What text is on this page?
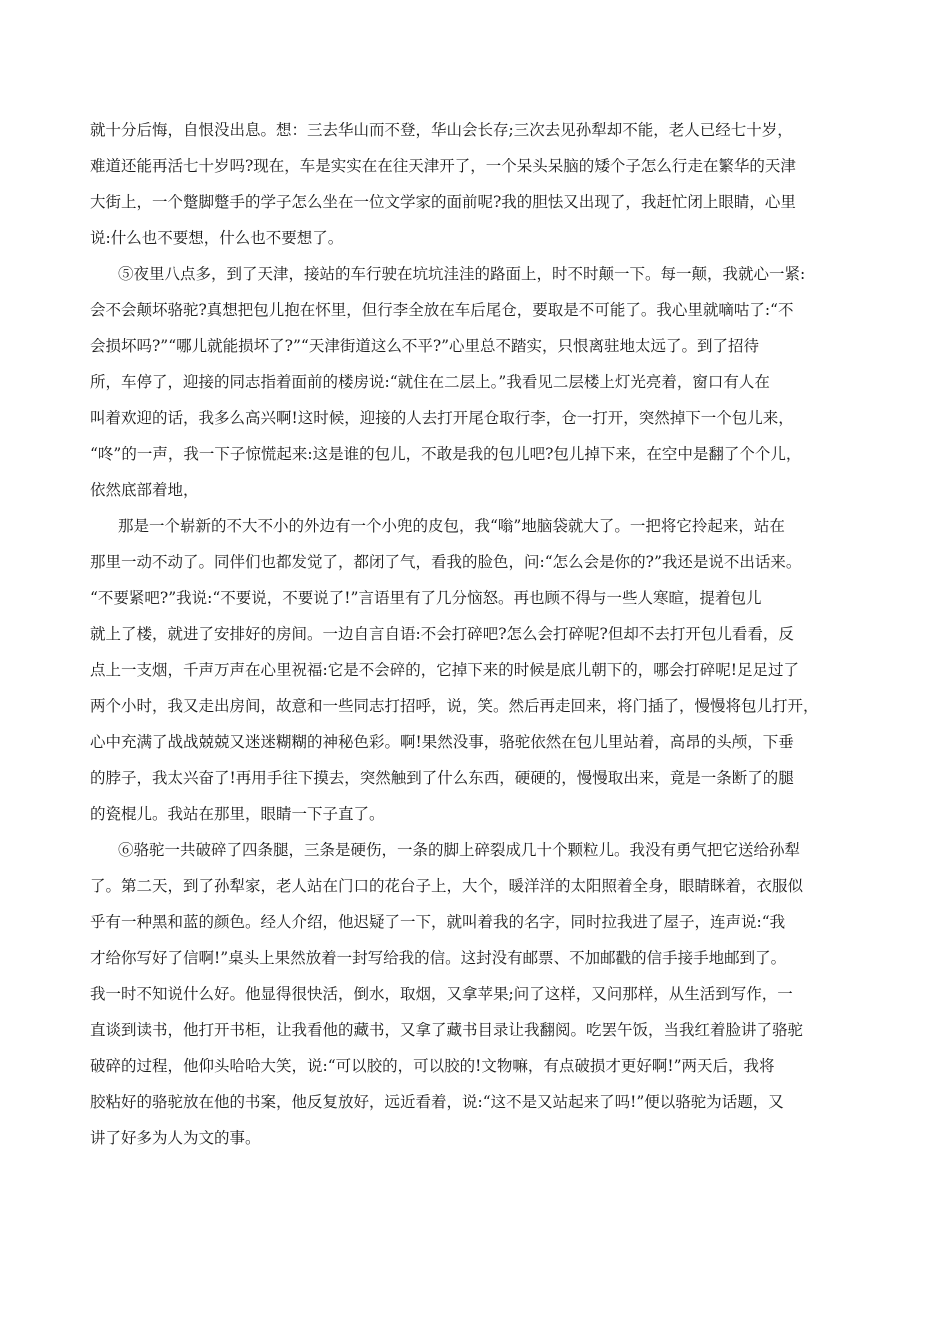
就十分后悔，自恨没出息。想：三去华山而不登，华山会长存;三次去见孙犁却不能，老人已经七十岁，
难道还能再活七十岁吗?现在，车是实实在在往天津开了，一个呆头呆脑的矮个子怎么行走在繁华的天津
大街上，一个蹩脚蹩手的学子怎么坐在一位文学家的面前呢?我的胆怯又出现了，我赶忙闭上眼睛，心里
说:什么也不要想，什么也不要想了。
⑤夜里八点多，到了天津，接站的车行驶在坑坑洼洼的路面上，时不时颠一下。每一颠，我就心一紧:
会不会颠坏骆驼?真想把包儿抱在怀里，但行李全放在车后尾仓，要取是不可能了。我心里就嘀咕了:“不
会损坏吗?”“哪儿就能损坏了?”“天津街道这么不平?”心里总不踏实，只恨离驻地太远了。到了招待
所，车停了，迎接的同志指着面前的楼房说:“就住在二层上。”我看见二层楼上灯光亮着，窗口有人在
叫着欢迎的话，我多么高兴啊!这时候，迎接的人去打开尾仓取行李，仓一打开，突然掉下一个包儿来，
“咚”的一声，我一下子惊慌起来:这是谁的包儿，不敢是我的包儿吧?包儿掉下来，在空中是翻了个个儿，
依然底部着地，
那是一个崭新的不大不小的外边有一个小兜的皮包，我“嗡”地脑袋就大了。一把将它拎起来，站在
那里一动不动了。同伴们也都发觉了，都闭了气，看我的脸色，问:“怎么会是你的?”我还是说不出话来。
“不要紧吧?”我说:“不要说，不要说了!”言语里有了几分恼怒。再也顾不得与一些人寒暄，提着包儿
就上了楼，就进了安排好的房间。一边自言自语:不会打碎吧?怎么会打碎呢?但却不去打开包儿看看，反
点上一支烟，千声万声在心里祝福:它是不会碎的，它掉下来的时候是底儿朝下的，哪会打碎呢!足足过了
两个小时，我又走出房间，故意和一些同志打招呼，说，笑。然后再走回来，将门插了，慢慢将包儿打开，
心中充满了战战兢兢又迷迷糊糊的神秘色彩。啊!果然没事，骆驼依然在包儿里站着，高昂的头颅，下垂
的脖子，我太兴奋了!再用手往下摸去，突然触到了什么东西，硬硬的，慢慢取出来，竟是一条断了的腿
的瓷棍儿。我站在那里，眼睛一下子直了。
⑥骆驼一共破碎了四条腿，三条是硬伤，一条的脚上碎裂成几十个颗粒儿。我没有勇气把它送给孙犁
了。第二天，到了孙犁家，老人站在门口的花台子上，大个，暖洋洋的太阳照着全身，眼睛眯着，衣服似
乎有一种黑和蓝的颜色。经人介绍，他迟疑了一下，就叫着我的名字，同时拉我进了屋子，连声说:“我
才给你写好了信啊!”桌头上果然放着一封写给我的信。这封没有邮票、不加邮戳的信手接手地邮到了。
我一时不知说什么好。他显得很快活，倒水，取烟，又拿苹果;问了这样，又问那样，从生活到写作，一
直谈到读书，他打开书柜，让我看他的藏书，又拿了藏书目录让我翻阅。吃罢午饭，当我红着脸讲了骆驼
破碎的过程，他仰头哈哈大笑，说:“可以胶的，可以胶的!文物嘛，有点破损才更好啊!”两天后，我将
胶粘好的骆驼放在他的书案，他反复放好，远近看着，说:“这不是又站起来了吗!”便以骆驼为话题，又
讲了好多为人为文的事。
